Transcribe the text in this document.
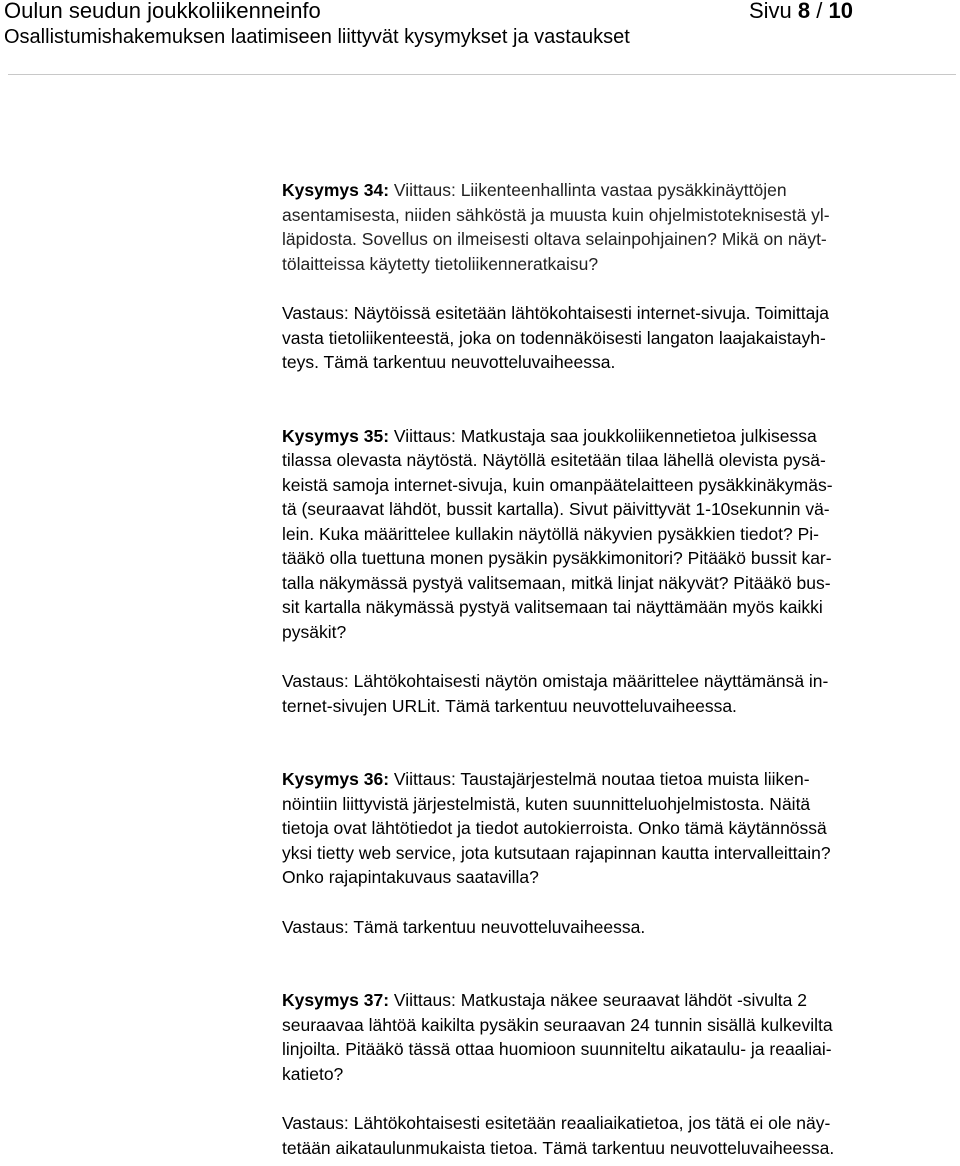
Oulun seudun joukkoliikenneinfo	Sivu 8 / 10
Osallistumishakemuksen laatimiseen liittyvät kysymykset ja vastaukset

Kysymys 34: Viittaus: Liikenteenhallinta vastaa pysäkkinäyttöjen
asentamisesta, niiden sähköstä ja muusta kuin ohjelmistoteknisestä yl-
läpidosta. Sovellus on ilmeisesti oltava selainpohjainen? Mikä on näyt-
tölaitteissa käytetty tietoliikenneratkaisu?

Vastaus: Näytöissä esitetään lähtökohtaisesti internet-sivuja. Toimittaja
vasta tietoliikenteestä, joka on todennäköisesti langaton laajakaistayh-
teys. Tämä tarkentuu neuvotteluvaiheessa.

Kysymys 35: Viittaus: Matkustaja saa joukkoliikennetietoa julkisessa
tilassa olevasta näytöstä. Näytöllä esitetään tilaa lähellä olevista pysä-
keistä samoja internet-sivuja, kuin omanpäätelaitteen pysäkkinäkymäs-
tä (seuraavat lähdöt, bussit kartalla). Sivut päivittyvät 1-10sekunnin vä-
lein. Kuka määrittelee kullakin näytöllä näkyvien pysäkkien tiedot? Pi-
tääkö olla tuettuna monen pysäkin pysäkkimonitori? Pitääkö bussit kar-
talla näkymässä pystyä valitsemaan, mitkä linjat näkyvät? Pitääkö bus-
sit kartalla näkymässä pystyä valitsemaan tai näyttämään myös kaikki
pysäkit?

Vastaus: Lähtökohtaisesti näytön omistaja määrittelee näyttämänsä in-
ternet-sivujen URLit. Tämä tarkentuu neuvotteluvaiheessa.

Kysymys 36: Viittaus: Taustajärjestelmä noutaa tietoa muista liiken-
nöintiin liittyvistä järjestelmistä, kuten suunnitteluohjelmistosta. Näitä
tietoja ovat lähtötiedot ja tiedot autokierroista. Onko tämä käytännössä
yksi tietty web service, jota kutsutaan rajapinnan kautta intervalleittain?
Onko rajapintakuvaus saatavilla?

Vastaus: Tämä tarkentuu neuvotteluvaiheessa.

Kysymys 37: Viittaus: Matkustaja näkee seuraavat lähdöt -sivulta 2
seuraavaa lähtöä kaikilta pysäkin seuraavan 24 tunnin sisällä kulkevilta
linjoilta. Pitääkö tässä ottaa huomioon suunniteltu aikataulu- ja reaaliai-
katieto?

Vastaus: Lähtökohtaisesti esitetään reaaliaikatietoa, jos tätä ei ole näy-
tetään aikataulunmukaista tietoa. Tämä tarkentuu neuvotteluvaiheessa.
